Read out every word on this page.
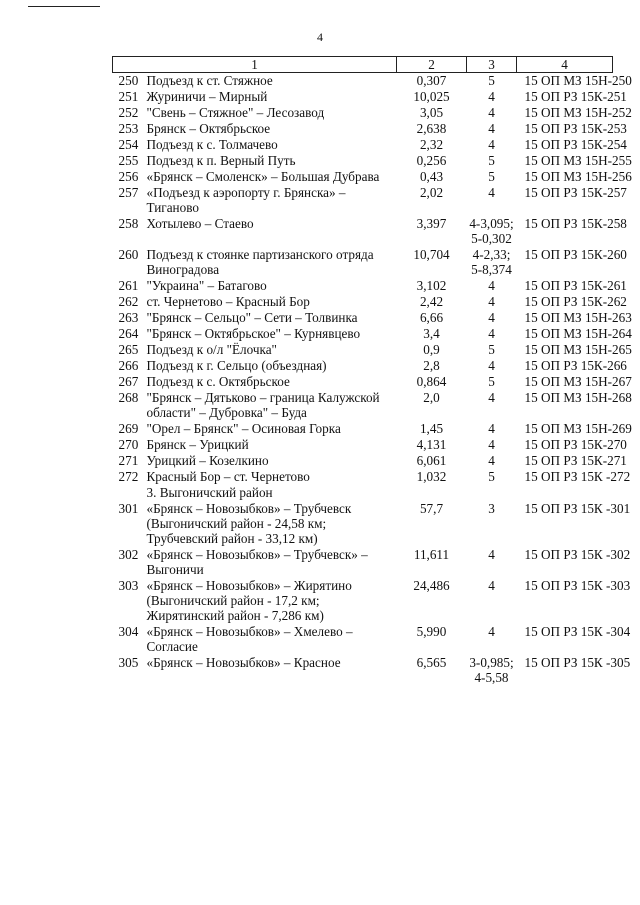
4
1	2	3	4

250 Подъезд к ст. Стяжное	0,307	5	15 ОП МЗ 15Н-250

251 Журиничи – Мирный	10,025	4	15 ОП РЗ 15К-251

252 "Свень – Стяжное" – Лесозавод	3,05	4	15 ОП МЗ 15Н-252

253 Брянск – Октябрьское	2,638	4	15 ОП РЗ 15К-253

254 Подъезд к с. Толмачево	2,32	4	15 ОП РЗ 15К-254

255 Подъезд к п. Верный Путь	0,256	5	15 ОП МЗ 15Н-255

256 «Брянск – Смоленск» – Большая Дубрава	0,43	5	15 ОП МЗ 15Н-256

257 «Подъезд к аэропорту г. Брянска» – Тиганово	2,02	4	15 ОП РЗ 15К-257

258 Хотылево – Стаево	3,397	4-3,095; 5-0,302	15 ОП РЗ 15К-258

260 Подъезд к стоянке партизанского отряда Виноградова	10,704	4-2,33; 5-8,374	15 ОП РЗ 15К-260

261 "Украина" – Батагово	3,102	4	15 ОП РЗ 15К-261

262 ст. Чернетово – Красный Бор	2,42	4	15 ОП РЗ 15К-262

263 "Брянск – Сельцо" – Сети – Толвинка	6,66	4	15 ОП МЗ 15Н-263

264 "Брянск – Октябрьское" – Курнявцево	3,4	4	15 ОП МЗ 15Н-264

265 Подъезд к о/л "Ёлочка"	0,9	5	15 ОП МЗ 15Н-265

266 Подъезд к г. Сельцо (объездная)	2,8	4	15 ОП РЗ 15К-266

267 Подъезд к с. Октябрьское	0,864	5	15 ОП МЗ 15Н-267

268 "Брянск – Дятьково – граница Калужской области" – Дубровка" – Буда	2,0	4	15 ОП МЗ 15Н-268

269 "Орел – Брянск" – Осиновая Горка	1,45	4	15 ОП МЗ 15Н-269

270 Брянск – Урицкий	4,131	4	15 ОП РЗ 15К-270

271 Урицкий – Козелкино	6,061	4	15 ОП РЗ 15К-271

272 Красный Бор – ст. Чернетово	1,032	5	15 ОП РЗ 15К -272

3. Выгоничский район			

301 «Брянск – Новозыбков» – Трубчевск (Выгоничский район - 24,58 км; Трубчевский район - 33,12 км)	57,7	3	15 ОП РЗ 15К -301

302 «Брянск – Новозыбков» – Трубчевск» – Выгоничи	11,611	4	15 ОП РЗ 15К -302

303 «Брянск – Новозыбков» – Жирятино (Выгоничский район - 17,2 км; Жирятинский район - 7,286 км)	24,486	4	15 ОП РЗ 15К -303

304 «Брянск – Новозыбков» – Хмелево – Согласие	5,990	4	15 ОП РЗ 15К -304

305 «Брянск – Новозыбков» – Красное	6,565	3-0,985; 4-5,58	15 ОП РЗ 15К -305
